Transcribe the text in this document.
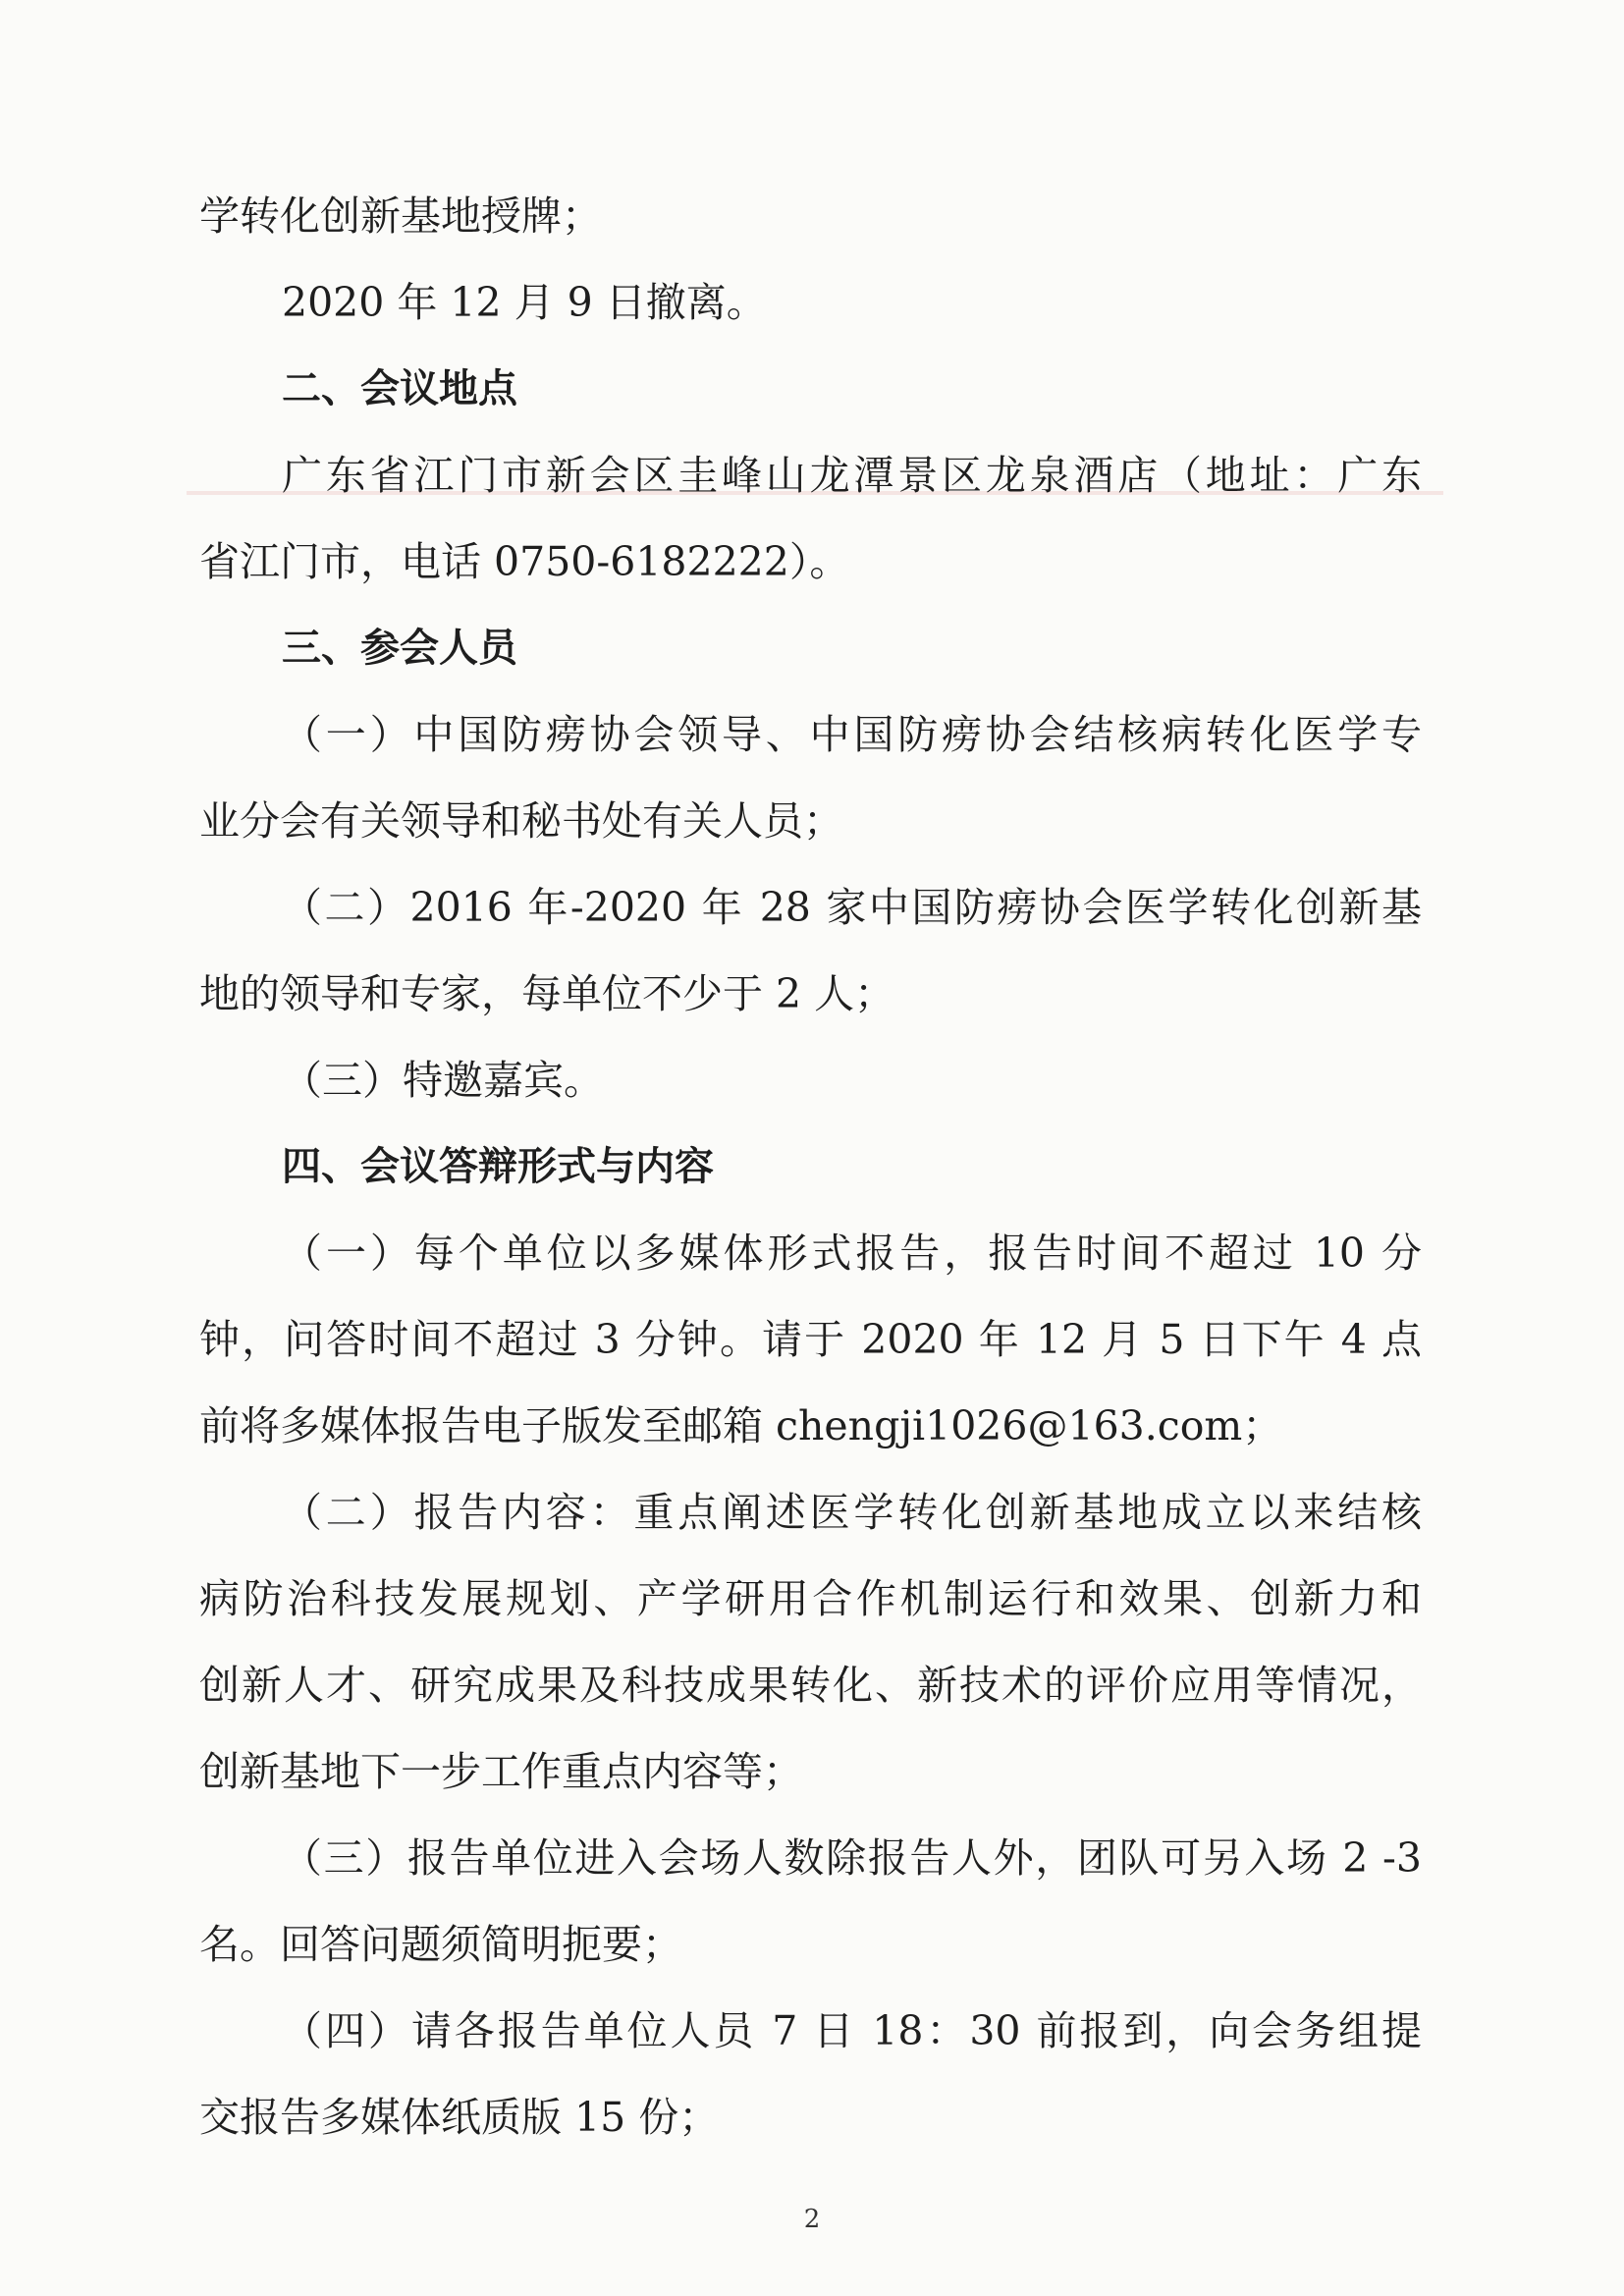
学转化创新基地授牌；
2020 年 12 月 9 日撤离。
二、会议地点
广东省江门市新会区圭峰山龙潭景区龙泉酒店（地址：广东
省江门市，电话 0750-6182222）。
三、参会人员
（一）中国防痨协会领导、中国防痨协会结核病转化医学专
业分会有关领导和秘书处有关人员；
（二）2016 年-2020 年 28 家中国防痨协会医学转化创新基
地的领导和专家，每单位不少于 2 人；
（三）特邀嘉宾。
四、会议答辩形式与内容
（一）每个单位以多媒体形式报告，报告时间不超过 10 分
钟，问答时间不超过 3 分钟。请于 2020 年 12 月 5 日下午 4 点
前将多媒体报告电子版发至邮箱 chengji1026@163.com；
（二）报告内容：重点阐述医学转化创新基地成立以来结核
病防治科技发展规划、产学研用合作机制运行和效果、创新力和
创新人才、研究成果及科技成果转化、新技术的评价应用等情况，
创新基地下一步工作重点内容等；
（三）报告单位进入会场人数除报告人外，团队可另入场 2 -3
名。回答问题须简明扼要；
（四）请各报告单位人员 7 日 18：30 前报到，向会务组提
交报告多媒体纸质版 15 份；
2
